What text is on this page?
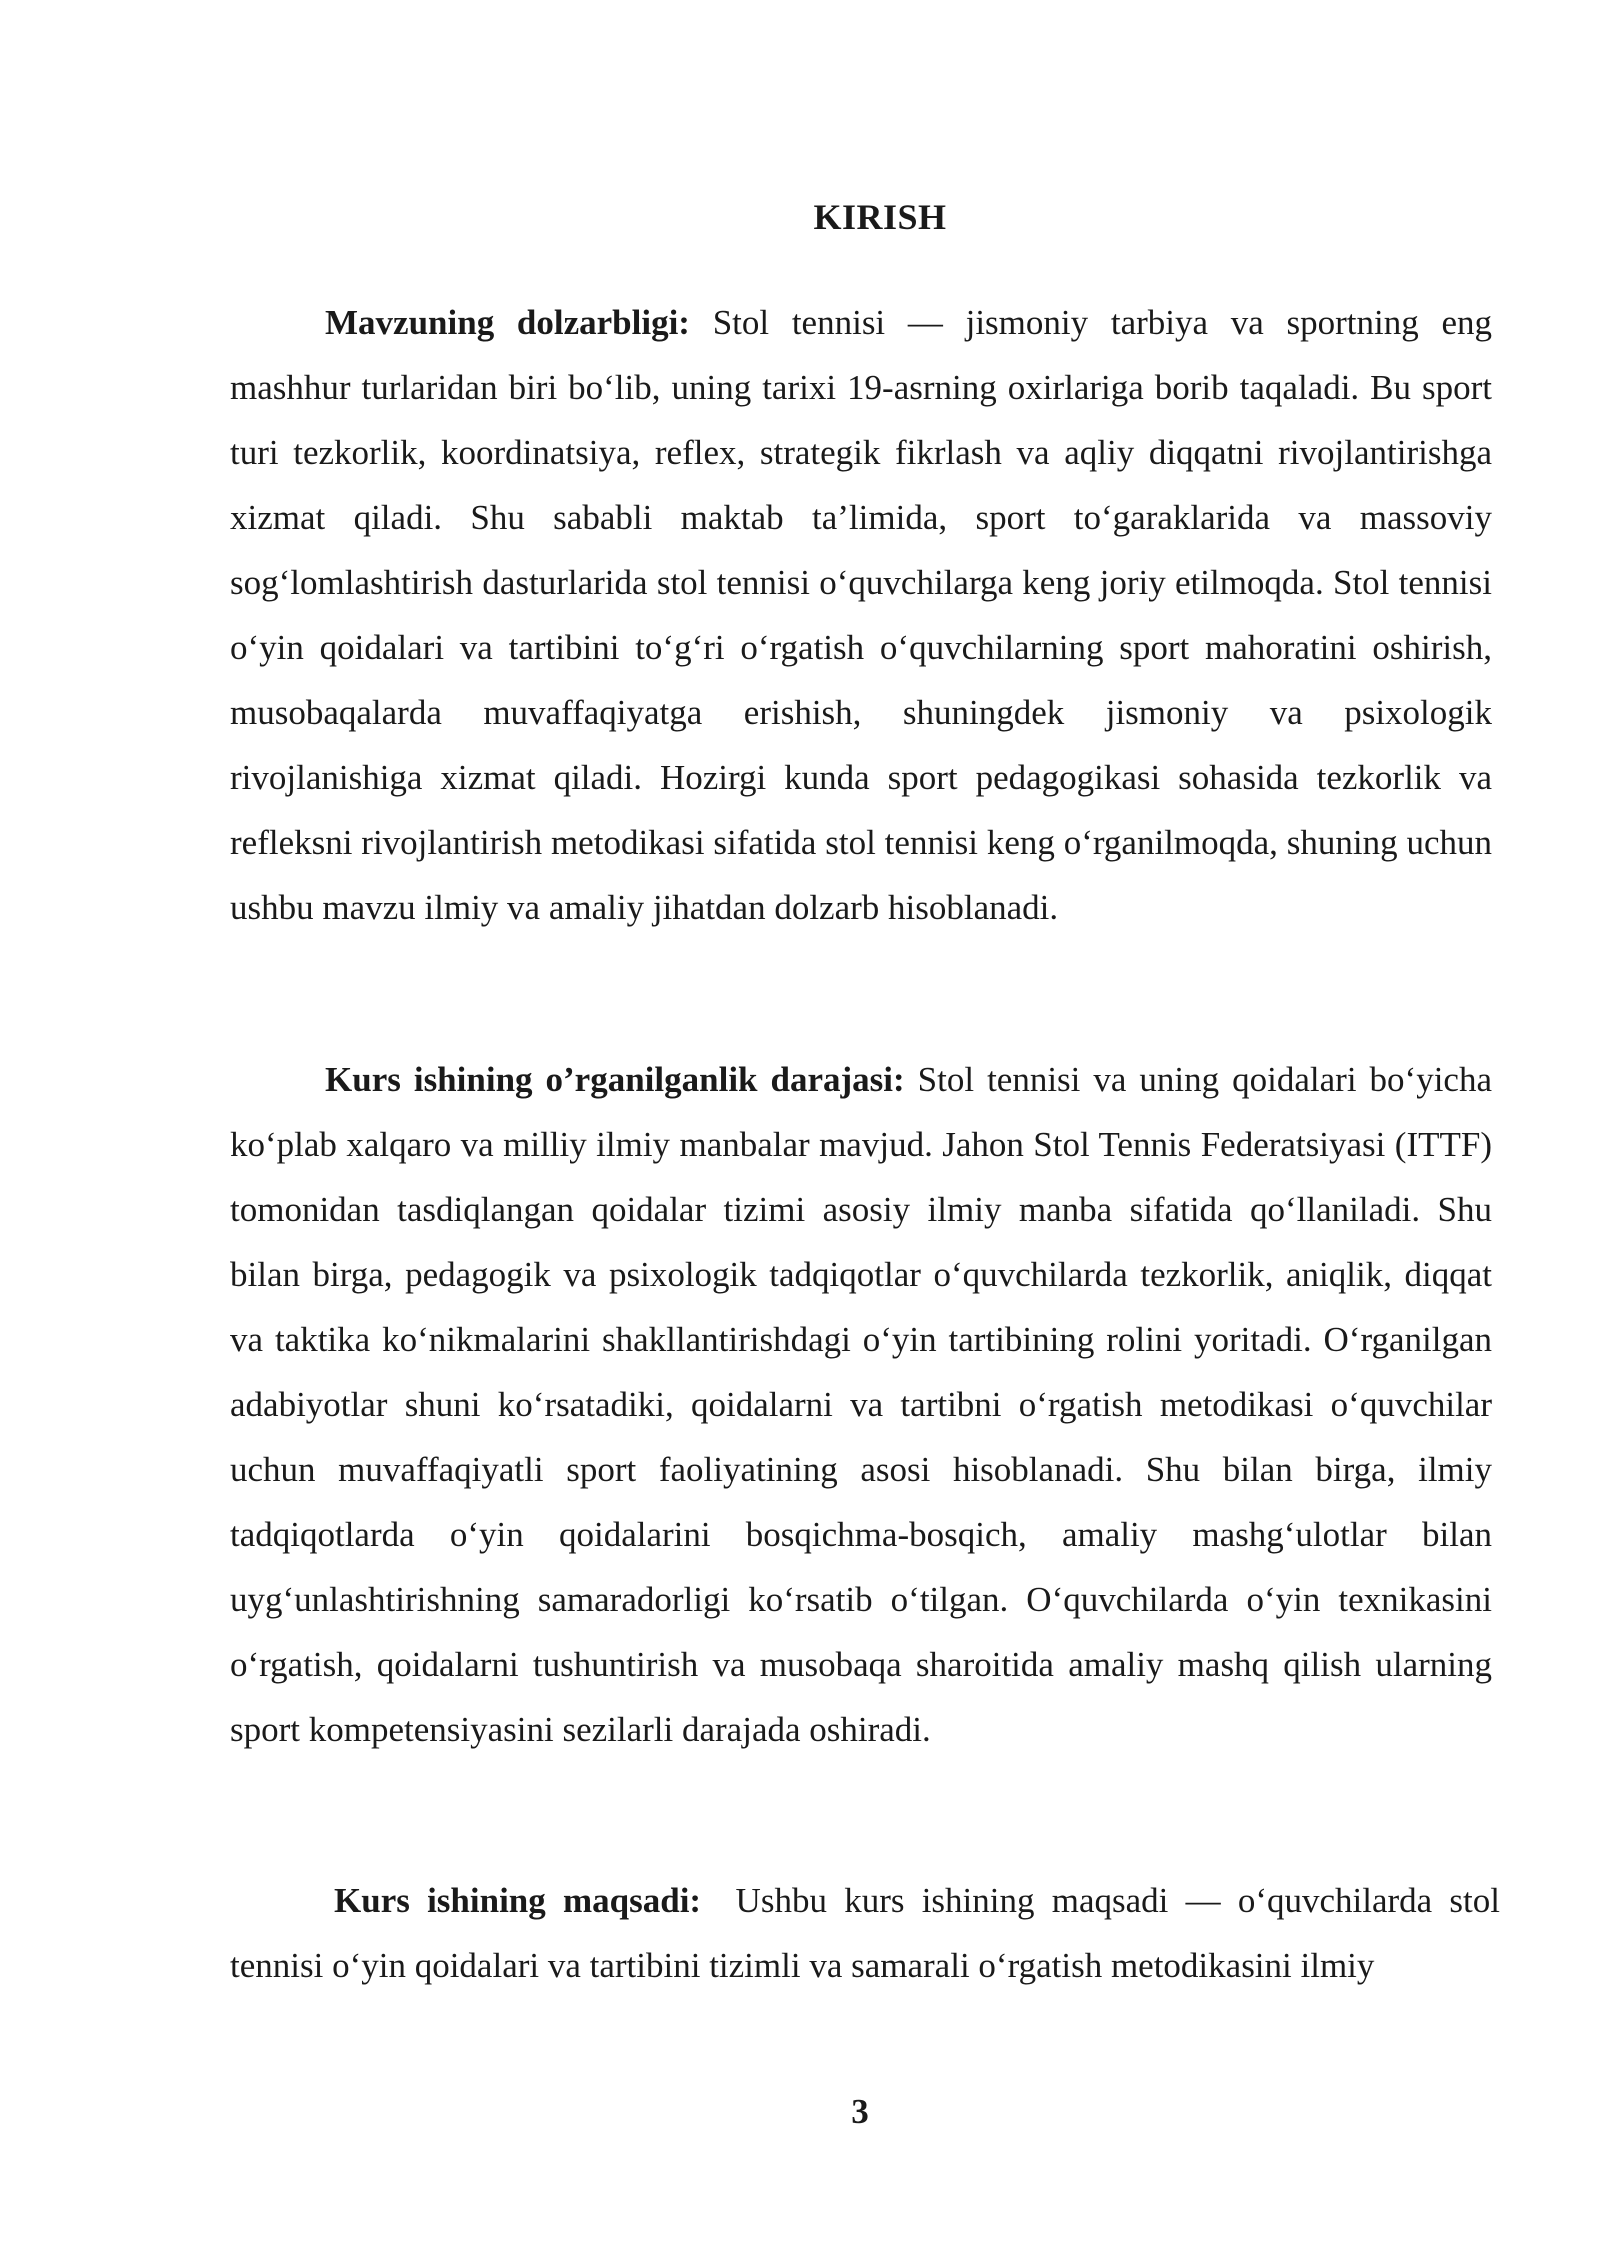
KIRISH

Mavzuning dolzarbligi: Stol tennisi — jismoniy tarbiya va sportning eng mashhur turlaridan biri boʻlib, uning tarixi 19-asrning oxirlariga borib taqaladi. Bu sport turi tezkorlik, koordinatsiya, reflex, strategik fikrlash va aqliy diqqatni rivojlantirishga xizmat qiladi. Shu sababli maktab ta’limida, sport toʻgaraklarida va massoviy sogʻlomlashtirish dasturlarida stol tennisi oʻquvchilarga keng joriy etilmoqda. Stol tennisi oʻyin qoidalari va tartibini toʻgʻri oʻrgatish oʻquvchilarning sport mahoratini oshirish, musobaqalarda muvaffaqiyatga erishish, shuningdek jismoniy va psixologik rivojlanishiga xizmat qiladi. Hozirgi kunda sport pedagogikasi sohasida tezkorlik va refleksni rivojlantirish metodikasi sifatida stol tennisi keng oʻrganilmoqda, shuning uchun ushbu mavzu ilmiy va amaliy jihatdan dolzarb hisoblanadi.

Kurs ishining o’rganilganlik darajasi: Stol tennisi va uning qoidalari boʻyicha koʻplab xalqaro va milliy ilmiy manbalar mavjud. Jahon Stol Tennis Federatsiyasi (ITTF) tomonidan tasdiqlangan qoidalar tizimi asosiy ilmiy manba sifatida qoʻllaniladi. Shu bilan birga, pedagogik va psixologik tadqiqotlar oʻquvchilarda tezkorlik, aniqlik, diqqat va taktika koʻnikmalarini shakllantirishdagi oʻyin tartibining rolini yoritadi. Oʻrganilgan adabiyotlar shuni koʻrsatadiki, qoidalarni va tartibni oʻrgatish metodikasi oʻquvchilar uchun muvaffaqiyatli sport faoliyatining asosi hisoblanadi. Shu bilan birga, ilmiy tadqiqotlarda oʻyin qoidalarini bosqichma-bosqich, amaliy mashgʻulotlar bilan uygʻunlashtirishning samaradorligi koʻrsatib oʻtilgan. Oʻquvchilarda oʻyin texnikasini oʻrgatish, qoidalarni tushuntirish va musobaqa sharoitida amaliy mashq qilish ularning sport kompetensiyasini sezilarli darajada oshiradi.

Kurs ishining maqsadi:  Ushbu kurs ishining maqsadi — oʻquvchilarda stol tennisi oʻyin qoidalari va tartibini tizimli va samarali oʻrgatish metodikasini ilmiy

3
